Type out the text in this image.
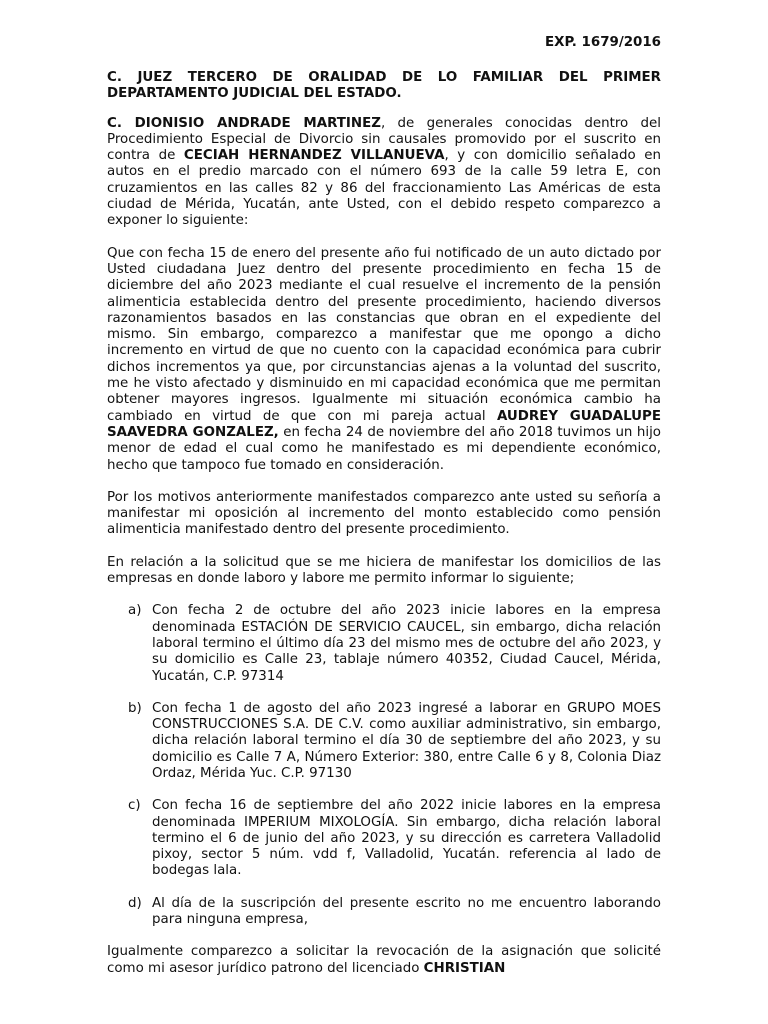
EXP. 1679/2016

C. JUEZ TERCERO DE ORALIDAD DE LO FAMILIAR DEL PRIMER DEPARTAMENTO JUDICIAL DEL ESTADO.

C. DIONISIO ANDRADE MARTINEZ, de generales conocidas dentro del Procedimiento Especial de Divorcio sin causales promovido por el suscrito en contra de CECIAH HERNANDEZ VILLANUEVA, y con domicilio señalado en autos en el predio marcado con el número 693 de la calle 59 letra E, con cruzamientos en las calles 82 y 86 del fraccionamiento Las Américas de esta ciudad de Mérida, Yucatán, ante Usted, con el debido respeto comparezco a exponer lo siguiente:

Que con fecha 15 de enero del presente año fui notificado de un auto dictado por Usted ciudadana Juez dentro del presente procedimiento en fecha 15 de diciembre del año 2023 mediante el cual resuelve el incremento de la pensión alimenticia establecida dentro del presente procedimiento, haciendo diversos razonamientos basados en las constancias que obran en el expediente del mismo. Sin embargo, comparezco a manifestar que me opongo a dicho incremento en virtud de que no cuento con la capacidad económica para cubrir dichos incrementos ya que, por circunstancias ajenas a la voluntad del suscrito, me he visto afectado y disminuido en mi capacidad económica que me permitan obtener mayores ingresos. Igualmente mi situación económica cambio ha cambiado en virtud de que con mi pareja actual AUDREY GUADALUPE SAAVEDRA GONZALEZ, en fecha 24 de noviembre del año 2018 tuvimos un hijo menor de edad el cual como he manifestado es mi dependiente económico, hecho que tampoco fue tomado en consideración.

Por los motivos anteriormente manifestados comparezco ante usted su señoría a manifestar mi oposición al incremento del monto establecido como pensión alimenticia manifestado dentro del presente procedimiento.

En relación a la solicitud que se me hiciera de manifestar los domicilios de las empresas en donde laboro y labore me permito informar lo siguiente;

a) Con fecha 2 de octubre del año 2023 inicie labores en la empresa denominada ESTACIÓN DE SERVICIO CAUCEL, sin embargo, dicha relación laboral termino el último día 23 del mismo mes de octubre del año 2023, y su domicilio es Calle 23, tablaje número 40352, Ciudad Caucel, Mérida, Yucatán, C.P. 97314
b) Con fecha 1 de agosto del año 2023 ingresé a laborar en GRUPO MOES CONSTRUCCIONES S.A. DE C.V. como auxiliar administrativo, sin embargo, dicha relación laboral termino el día 30 de septiembre del año 2023, y su domicilio es Calle 7 A, Número Exterior: 380, entre Calle 6 y 8, Colonia Diaz Ordaz, Mérida Yuc. C.P. 97130
c) Con fecha 16 de septiembre del año 2022 inicie labores en la empresa denominada IMPERIUM MIXOLOGÍA. Sin embargo, dicha relación laboral termino el 6 de junio del año 2023, y su dirección es carretera Valladolid pixoy, sector 5 núm. vdd f, Valladolid, Yucatán. referencia al lado de bodegas lala.
d) Al día de la suscripción del presente escrito no me encuentro laborando para ninguna empresa,

Igualmente comparezco a solicitar la revocación de la asignación que solicité como mi asesor jurídico patrono del licenciado CHRISTIAN
